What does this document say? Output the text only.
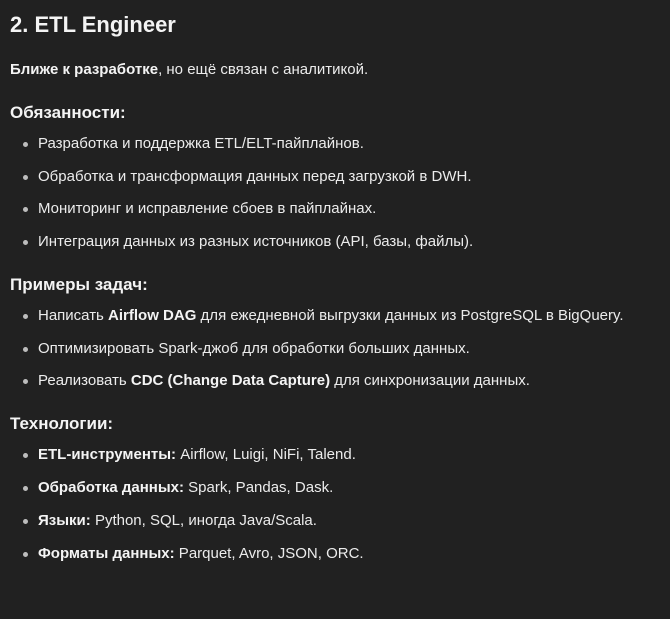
2. ETL Engineer

Ближе к разработке, но ещё связан с аналитикой.

Обязанности:
Разработка и поддержка ETL/ELT-пайплайнов.
Обработка и трансформация данных перед загрузкой в DWH.
Мониторинг и исправление сбоев в пайплайнах.
Интеграция данных из разных источников (API, базы, файлы).
Примеры задач:
Написать Airflow DAG для ежедневной выгрузки данных из PostgreSQL в BigQuery.
Оптимизировать Spark-джоб для обработки больших данных.
Реализовать CDC (Change Data Capture) для синхронизации данных.
Технологии:
ETL-инструменты: Airflow, Luigi, NiFi, Talend.
Обработка данных: Spark, Pandas, Dask.
Языки: Python, SQL, иногда Java/Scala.
Форматы данных: Parquet, Avro, JSON, ORC.
